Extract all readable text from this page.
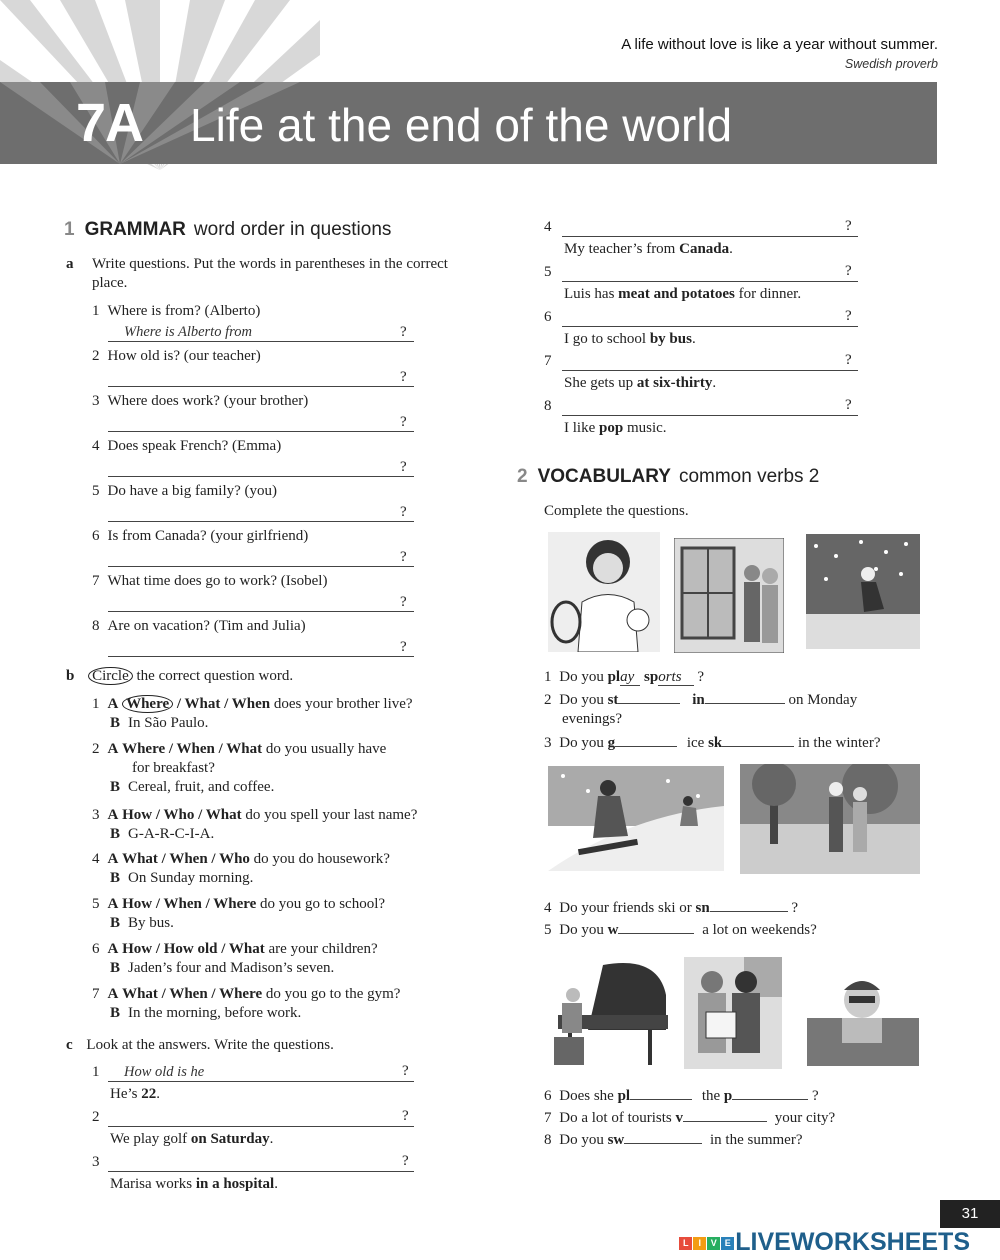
A life without love is like a year without summer.
Swedish proverb
7A Life at the end of the world
1 GRAMMAR word order in questions
a Write questions. Put the words in parentheses in the correct place.
1 Where is from? (Alberto)
Where is Alberto from	?
2 How old is? (our teacher)
?
3 Where does work? (your brother)
?
4 Does speak French? (Emma)
?
5 Do have a big family? (you)
?
6 Is from Canada? (your girlfriend)
?
7 What time does go to work? (Isobel)
?
8 Are on vacation? (Tim and Julia)
?
b Circle the correct question word.
1 A Where / What / When does your brother live?
B In São Paulo.
2 A Where / When / What do you usually have
for breakfast?
B Cereal, fruit, and coffee.
3 A How / Who / What do you spell your last name?
B G-A-R-C-I-A.
4 A What / When / Who do you do housework?
B On Sunday morning.
5 A How / When / Where do you go to school?
B By bus.
6 A How / How old / What are your children?
B Jaden’s four and Madison’s seven.
7 A What / When / Where do you go to the gym?
B In the morning, before work.
c Look at the answers. Write the questions.
1	How old is he	?
He’s 22.
2	?
We play golf on Saturday.
3	?
Marisa works in a hospital.
4	?
My teacher’s from Canada.
5	?
Luis has meat and potatoes for dinner.
6	?
I go to school by bus.
7	?
She gets up at six-thirty.
8	?
I like pop music.
2 VOCABULARY common verbs 2
Complete the questions.
1 Do you play sports ?
2 Do you st	in	on Monday
evenings?
3 Do you g	ice sk	in the winter?
4 Do your friends ski or sn	?
5 Do you w	a lot on weekends?
6 Does she pl	the p	?
7 Do a lot of tourists v	your city?
8 Do you sw	in the summer?
31
L I V E LIVEWORKSHEETS
